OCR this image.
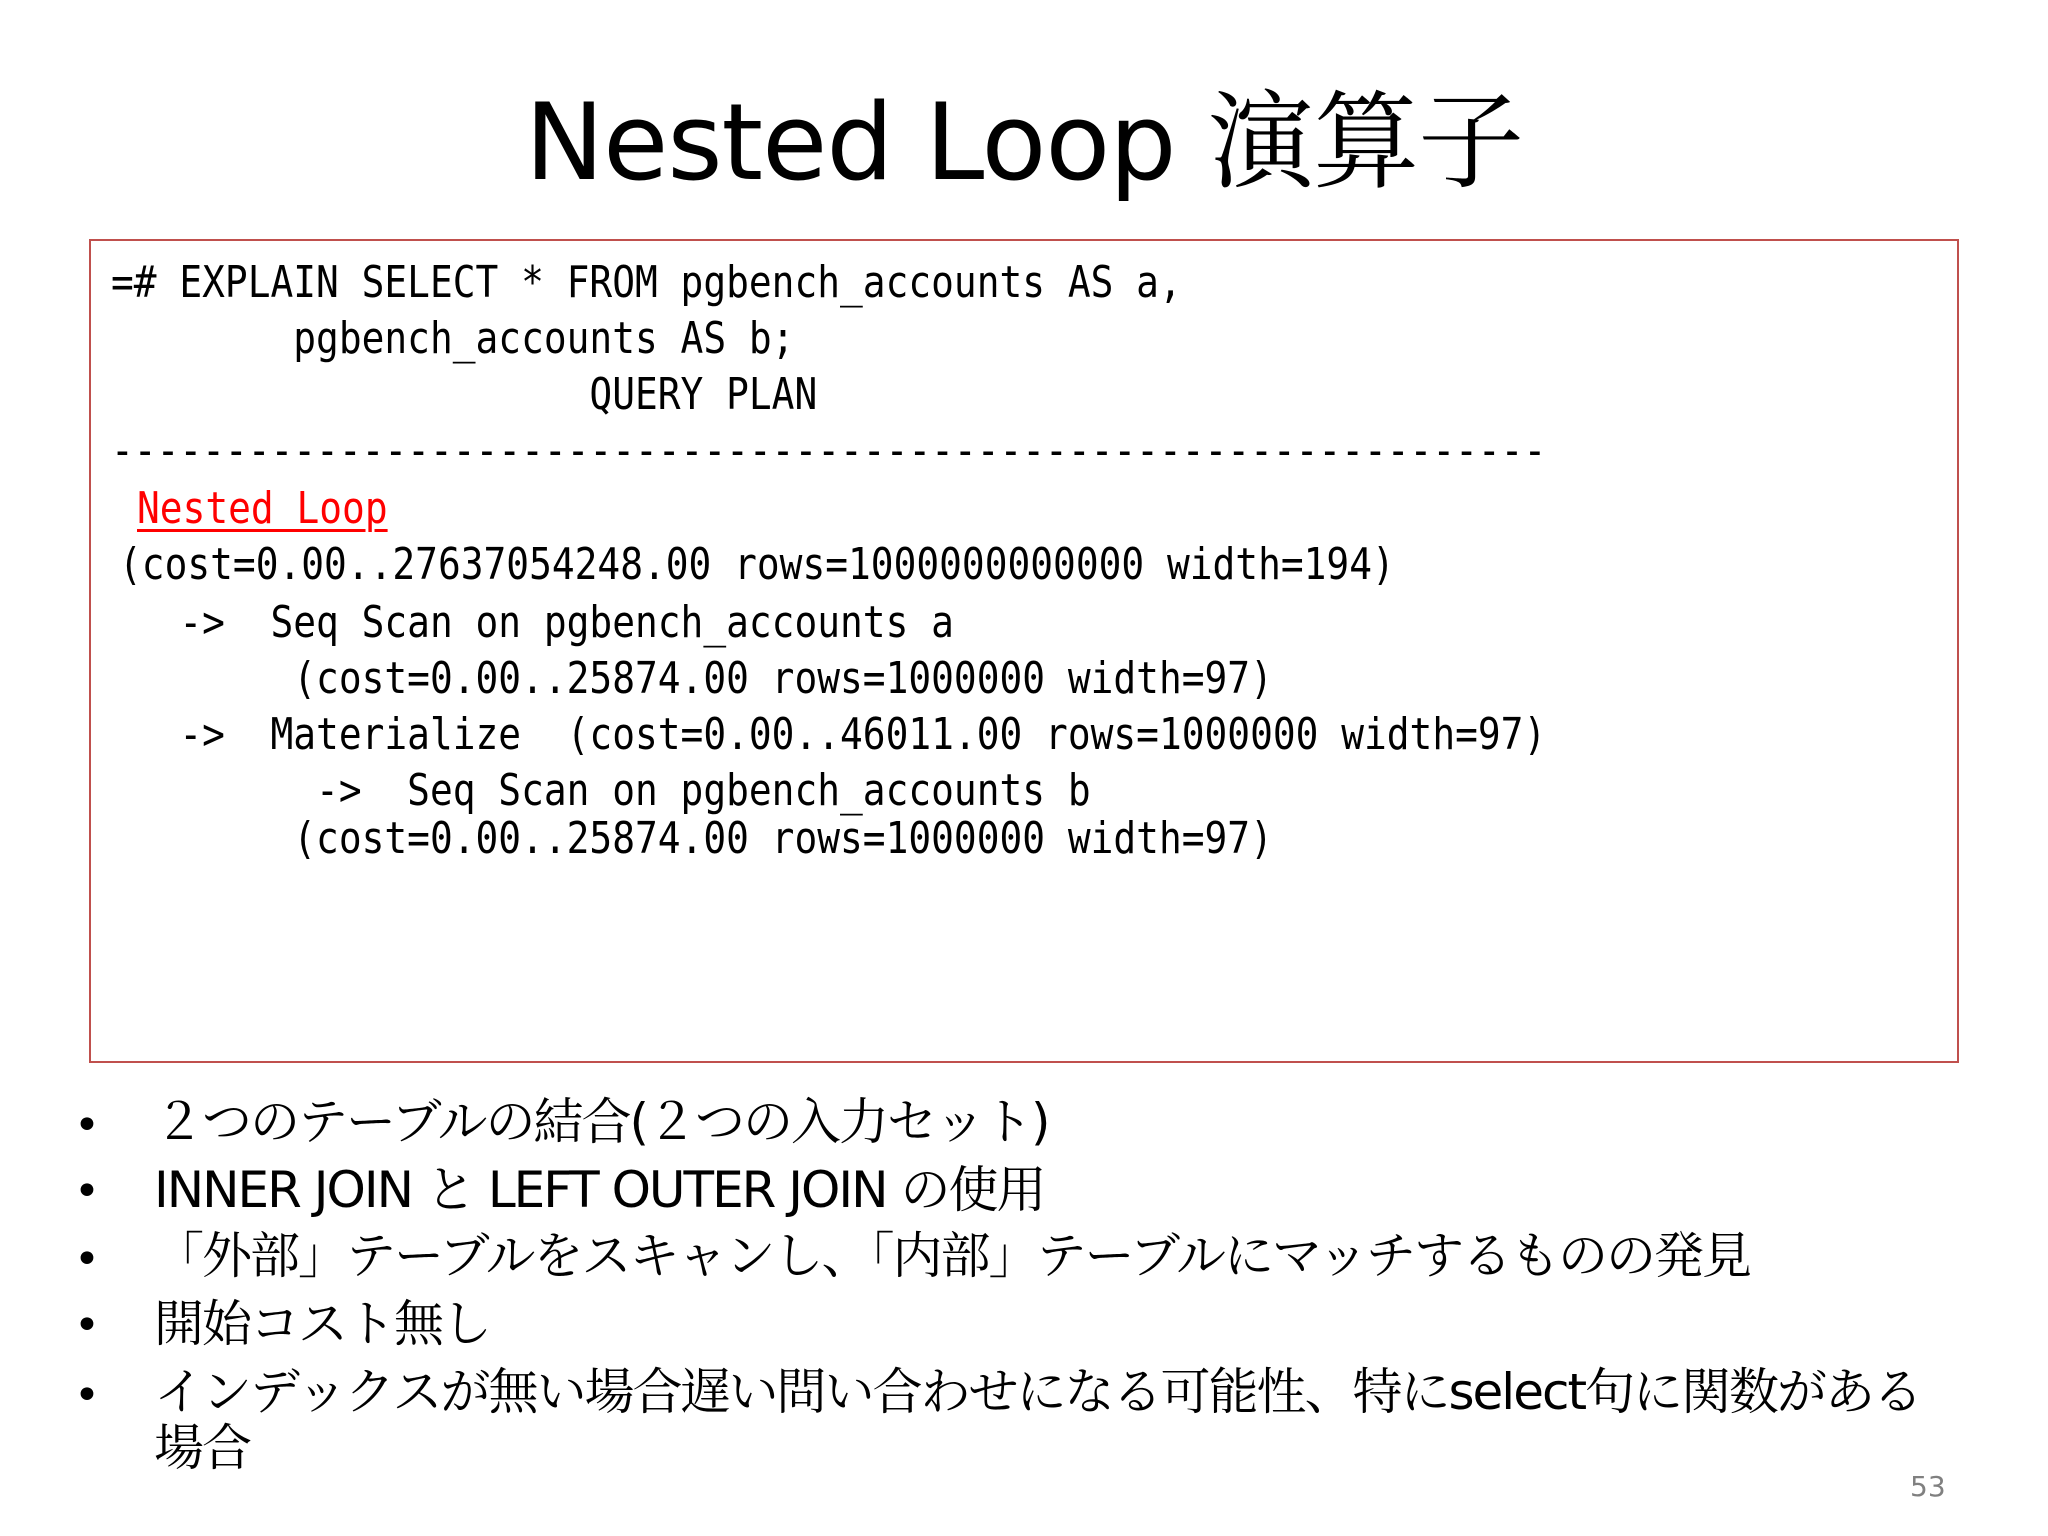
Nested Loop 演算子
=# EXPLAIN SELECT * FROM pgbench_accounts AS a,
pgbench_accounts AS b;
QUERY PLAN
---------------------------------------------------------------
Nested Loop
(cost=0.00..27637054248.00 rows=1000000000000 width=194)
->  Seq Scan on pgbench_accounts a
(cost=0.00..25874.00 rows=1000000 width=97)
->  Materialize  (cost=0.00..46011.00 rows=1000000 width=97)
->  Seq Scan on pgbench_accounts b
(cost=0.00..25874.00 rows=1000000 width=97)
• ２つのテーブルの結合(２つの入力セット)
• INNER JOIN と LEFT OUTER JOIN の使用
• 「外部」テーブルをスキャンし、「内部」テーブルにマッチするものの発見
• 開始コスト無し
• インデックスが無い場合遅い問い合わせになる可能性、特にselect句に関数がある場合
53
